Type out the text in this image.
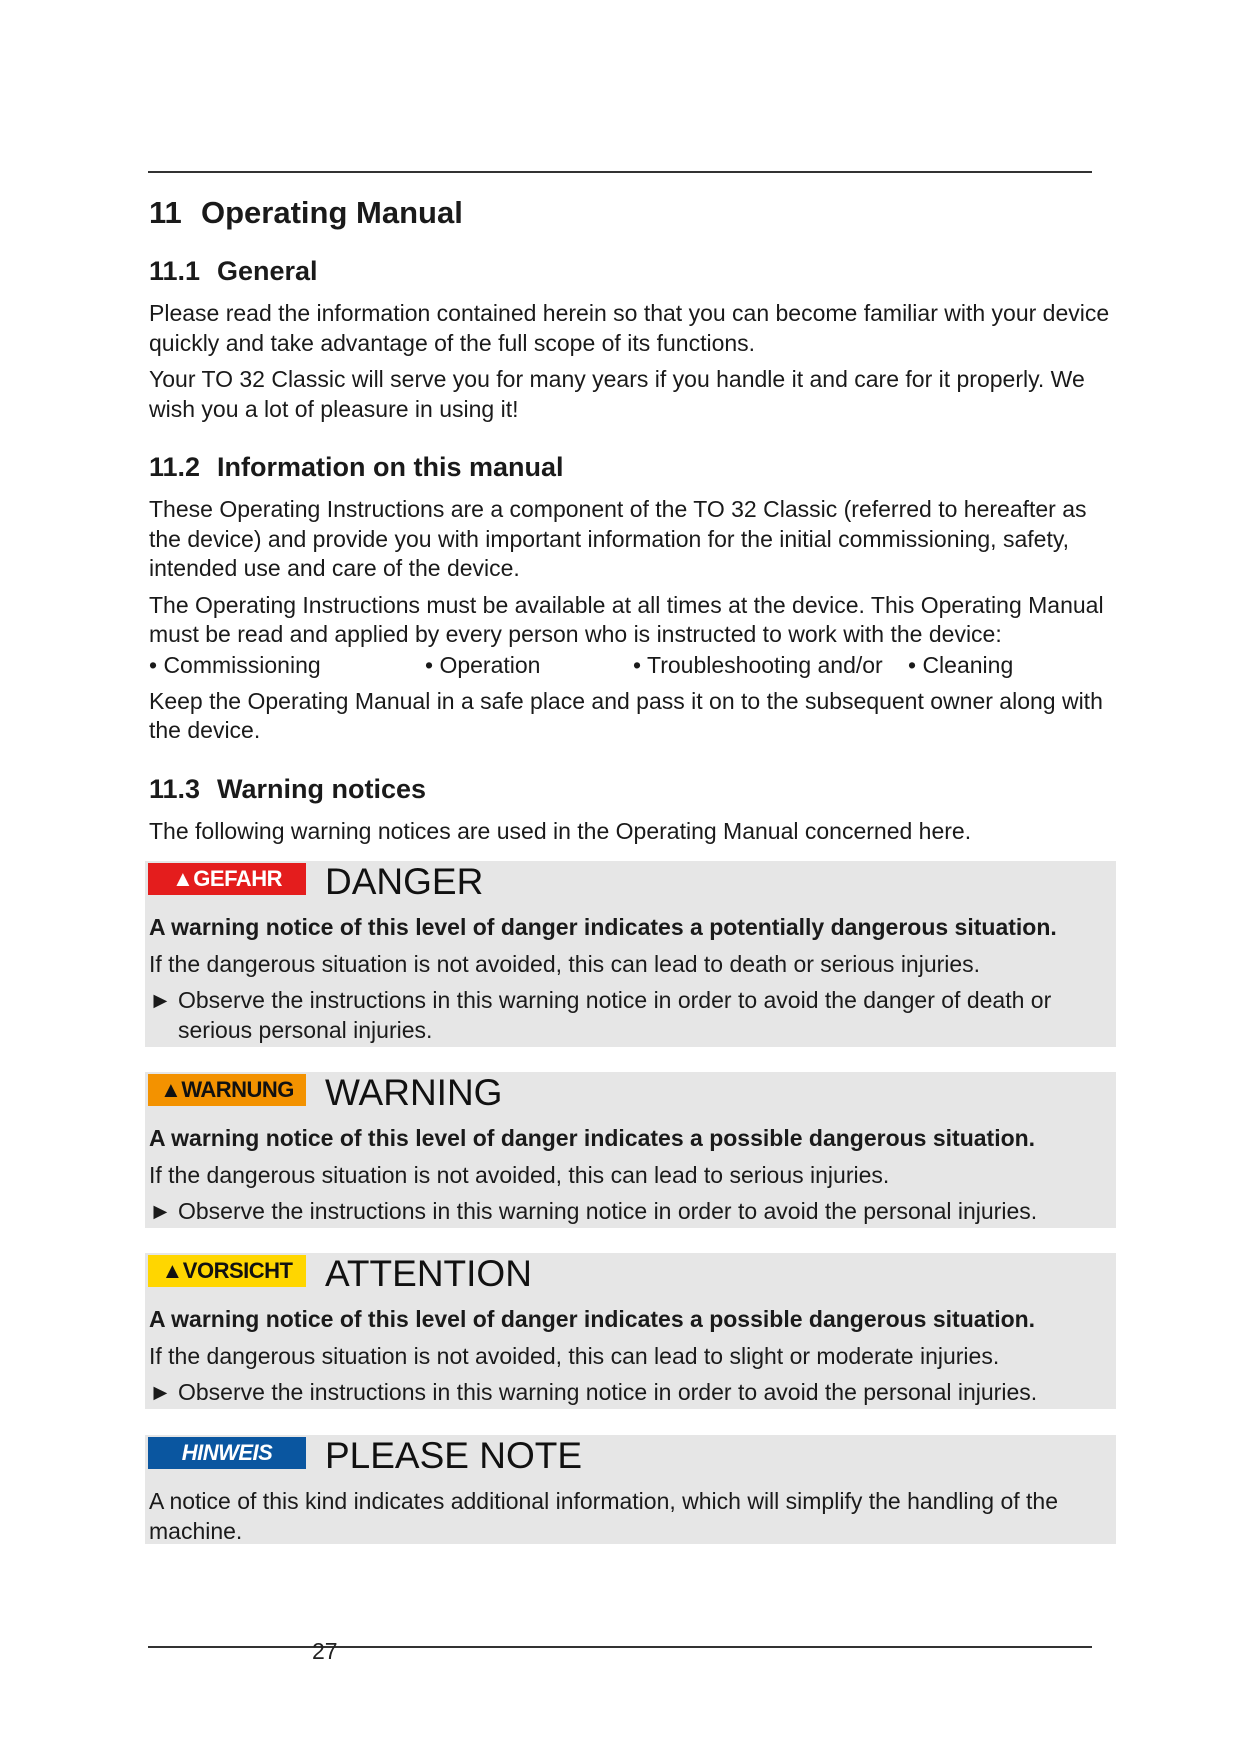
11 Operating Manual
11.1 General

Please read the information contained herein so that you can become familiar with your device quickly and take advantage of the full scope of its functions.

Your TO 32 Classic will serve you for many years if you handle it and care for it properly. We wish you a lot of pleasure in using it!

11.2 Information on this manual

These Operating Instructions are a component of the TO 32 Classic (referred to hereafter as the device) and provide you with important information for the initial commissioning, safety, intended use and care of the device.

The Operating Instructions must be available at all times at the device. This Operating Manual must be read and applied by every person who is instructed to work with the device:

• Commissioning	• Operation	• Troubleshooting and/or	• Cleaning

Keep the Operating Manual in a safe place and pass it on to the subsequent owner along with the device.

11.3 Warning notices

The following warning notices are used in the Operating Manual concerned here.

▲GEFAHR	DANGER

A warning notice of this level of danger indicates a potentially dangerous situation.

If the dangerous situation is not avoided, this can lead to death or serious injuries.

► Observe the instructions in this warning notice in order to avoid the danger of death or serious personal injuries.
▲WARNUNG WARNING

A warning notice of this level of danger indicates a possible dangerous situation.

If the dangerous situation is not avoided, this can lead to serious injuries.

► Observe the instructions in this warning notice in order to avoid the personal injuries.
▲VORSICHT ATTENTION

A warning notice of this level of danger indicates a possible dangerous situation.

If the dangerous situation is not avoided, this can lead to slight or moderate injuries.

► Observe the instructions in this warning notice in order to avoid the personal injuries.
HINWEIS	PLEASE NOTE

A notice of this kind indicates additional information, which will simplify the handling of the machine.

27
